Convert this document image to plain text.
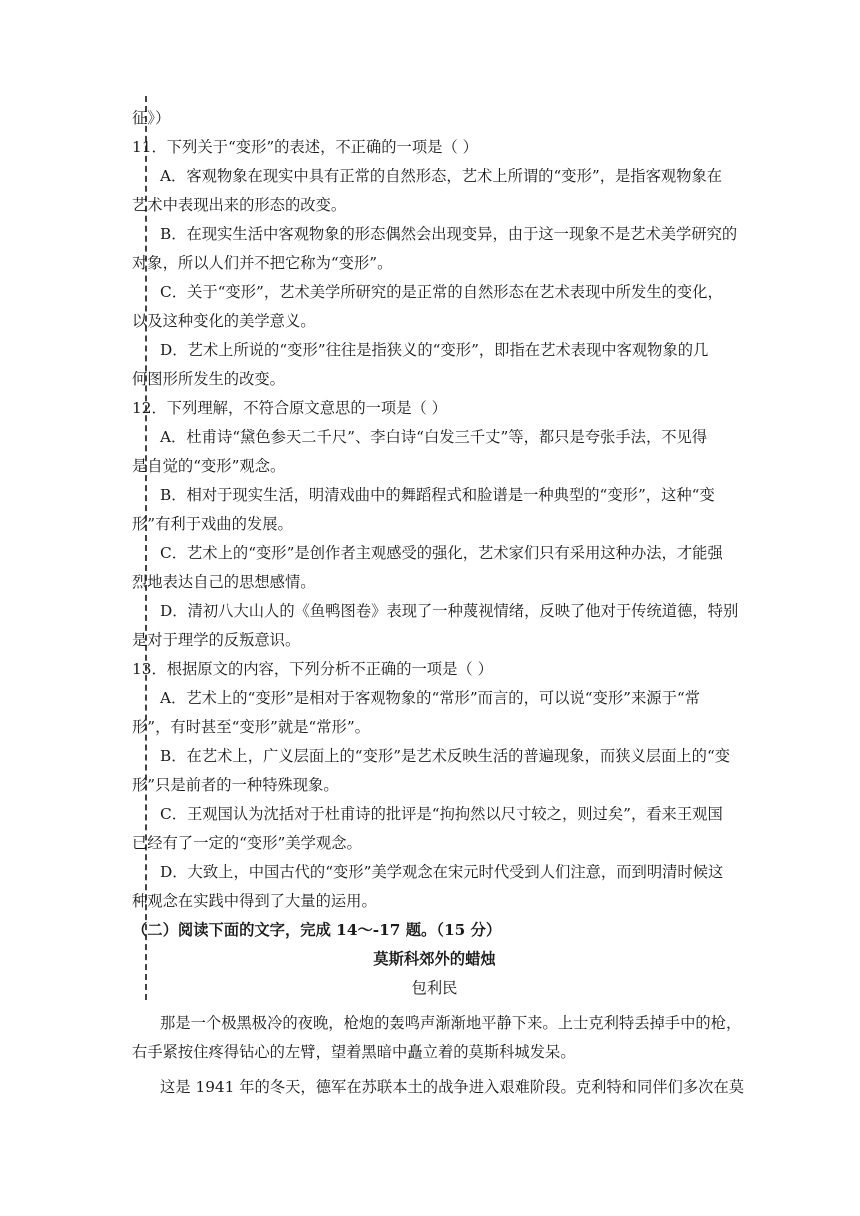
征》）
11．下列关于“变形”的表述，不正确的一项是（ ）
A．客观物象在现实中具有正常的自然形态，艺术上所谓的“变形”，是指客观物象在
艺术中表现出来的形态的改变。
B．在现实生活中客观物象的形态偶然会出现变异，由于这一现象不是艺术美学研究的
对象，所以人们并不把它称为“变形”。
C．关于“变形”，艺术美学所研究的是正常的自然形态在艺术表现中所发生的变化，
以及这种变化的美学意义。
D．艺术上所说的“变形”往往是指狭义的“变形”，即指在艺术表现中客观物象的几
何图形所发生的改变。
12．下列理解，不符合原文意思的一项是（ ）
A．杜甫诗“黛色参天二千尺”、李白诗“白发三千丈”等，都只是夸张手法，不见得
是自觉的“变形”观念。
B．相对于现实生活，明清戏曲中的舞蹈程式和脸谱是一种典型的“变形”，这种“变
形”有利于戏曲的发展。
C．艺术上的“变形”是创作者主观感受的强化，艺术家们只有采用这种办法，才能强
烈地表达自己的思想感情。
D．清初八大山人的《鱼鸭图卷》表现了一种蔑视情绪，反映了他对于传统道德，特别
是对于理学的反叛意识。
13．根据原文的内容，下列分析不正确的一项是（ ）
A．艺术上的“变形”是相对于客观物象的“常形”而言的，可以说“变形”来源于“常
形”，有时甚至“变形”就是“常形”。
B．在艺术上，广义层面上的“变形”是艺术反映生活的普遍现象，而狭义层面上的“变
形”只是前者的一种特殊现象。
C．王观国认为沈括对于杜甫诗的批评是“拘拘然以尺寸较之，则过矣”，看来王观国
已经有了一定的“变形”美学观念。
D．大致上，中国古代的“变形”美学观念在宋元时代受到人们注意，而到明清时候这
种观念在实践中得到了大量的运用。
（二）阅读下面的文字，完成 14～-17 题。（15 分）
莫斯科郊外的蜡烛
包利民
那是一个极黑极冷的夜晚，枪炮的轰鸣声渐渐地平静下来。上士克利特丢掉手中的枪，
右手紧按住疼得钻心的左臂，望着黑暗中矗立着的莫斯科城发呆。
这是 1941 年的冬天，德军在苏联本土的战争进入艰难阶段。克利特和同伴们多次在莫
